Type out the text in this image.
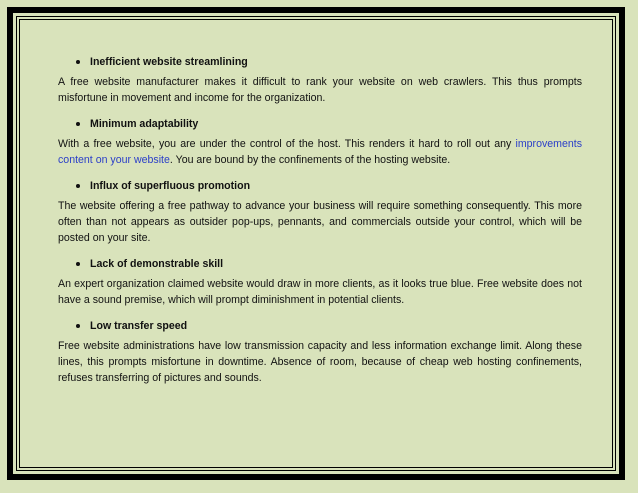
Inefficient website streamlining

A free website manufacturer makes it difficult to rank your website on web crawlers. This thus prompts misfortune in movement and income for the organization.

Minimum adaptability

With a free website, you are under the control of the host. This renders it hard to roll out any improvements content on your website. You are bound by the confinements of the hosting website.

Influx of superfluous promotion

The website offering a free pathway to advance your business will require something consequently. This more often than not appears as outsider pop-ups, pennants, and commercials outside your control, which will be posted on your site.

Lack of demonstrable skill

An expert organization claimed website would draw in more clients, as it looks true blue. Free website does not have a sound premise, which will prompt diminishment in potential clients.

Low transfer speed

Free website administrations have low transmission capacity and less information exchange limit. Along these lines, this prompts misfortune in downtime. Absence of room, because of cheap web hosting confinements, refuses transferring of pictures and sounds.
